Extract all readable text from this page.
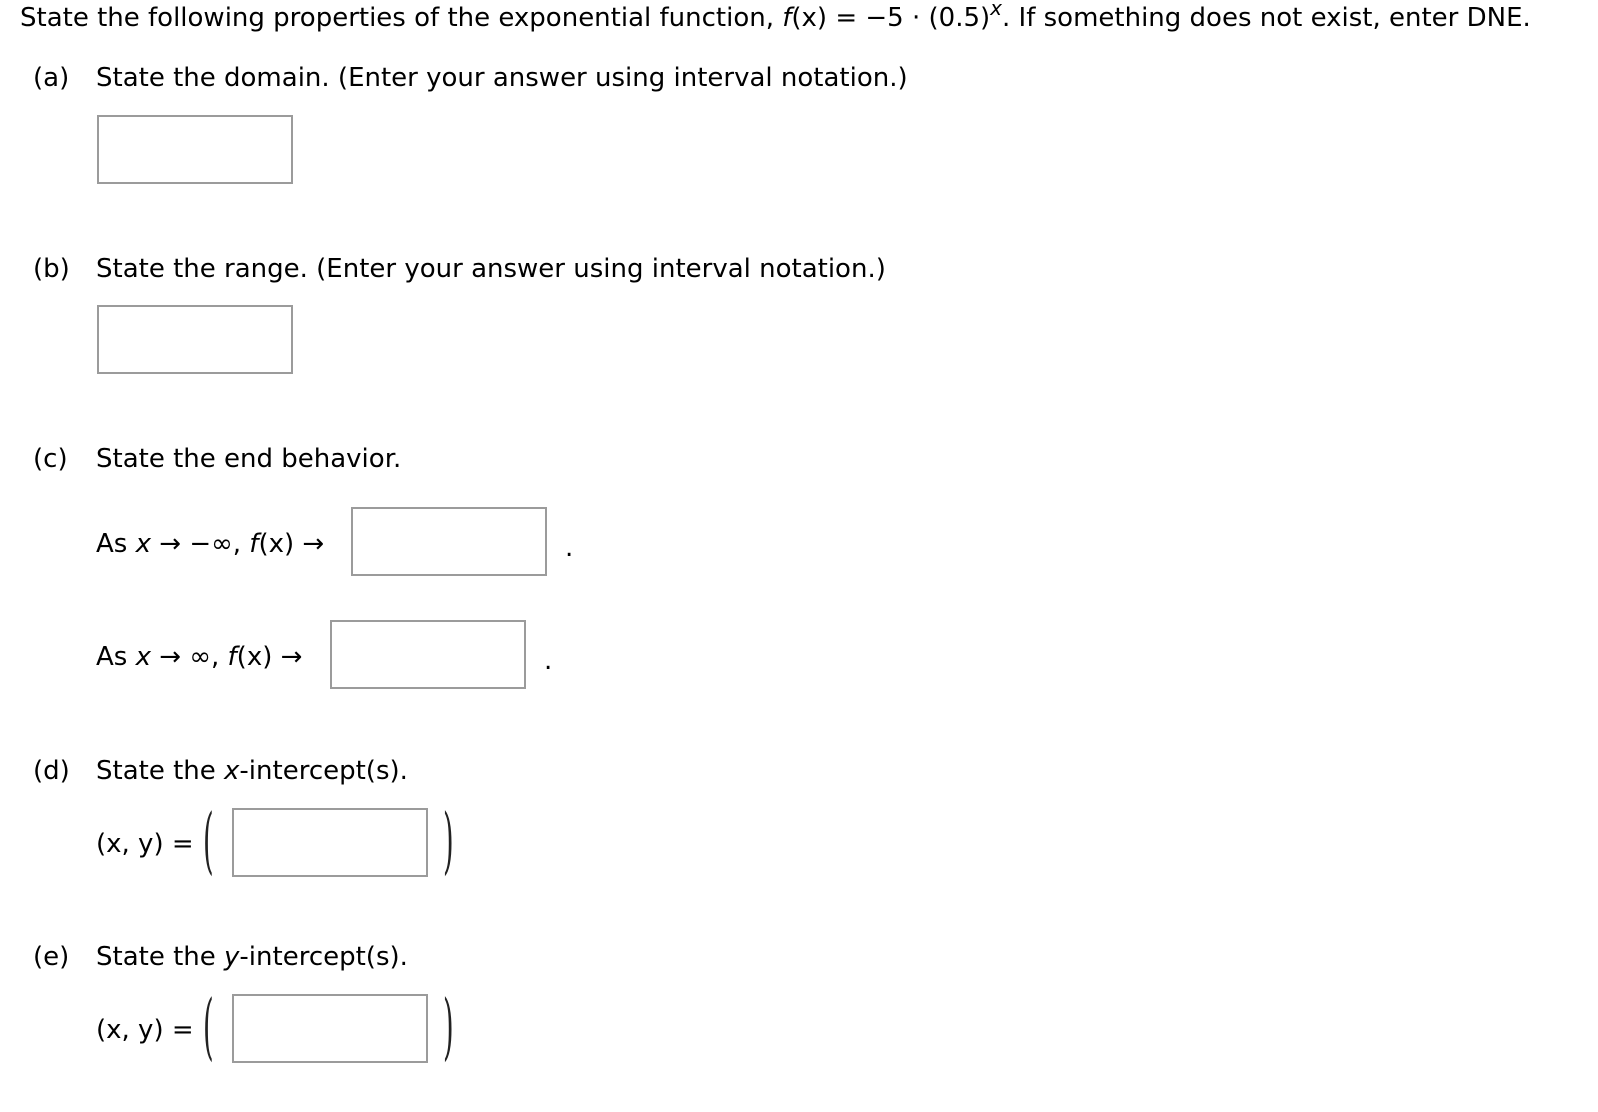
State the following properties of the exponential function, $f(x) = -5 \cdot (0.5)^x$. If something does not exist, enter DNE.
(a) State the domain. (Enter your answer using interval notation.)
(b) State the range. (Enter your answer using interval notation.)
(c) State the end behavior.
As x → −∞, f(x) →	.
As x → ∞, f(x) →	.
(d) State the x-intercept(s).
(x, y) = (	)
(e) State the y-intercept(s).
(x, y) = (	)
